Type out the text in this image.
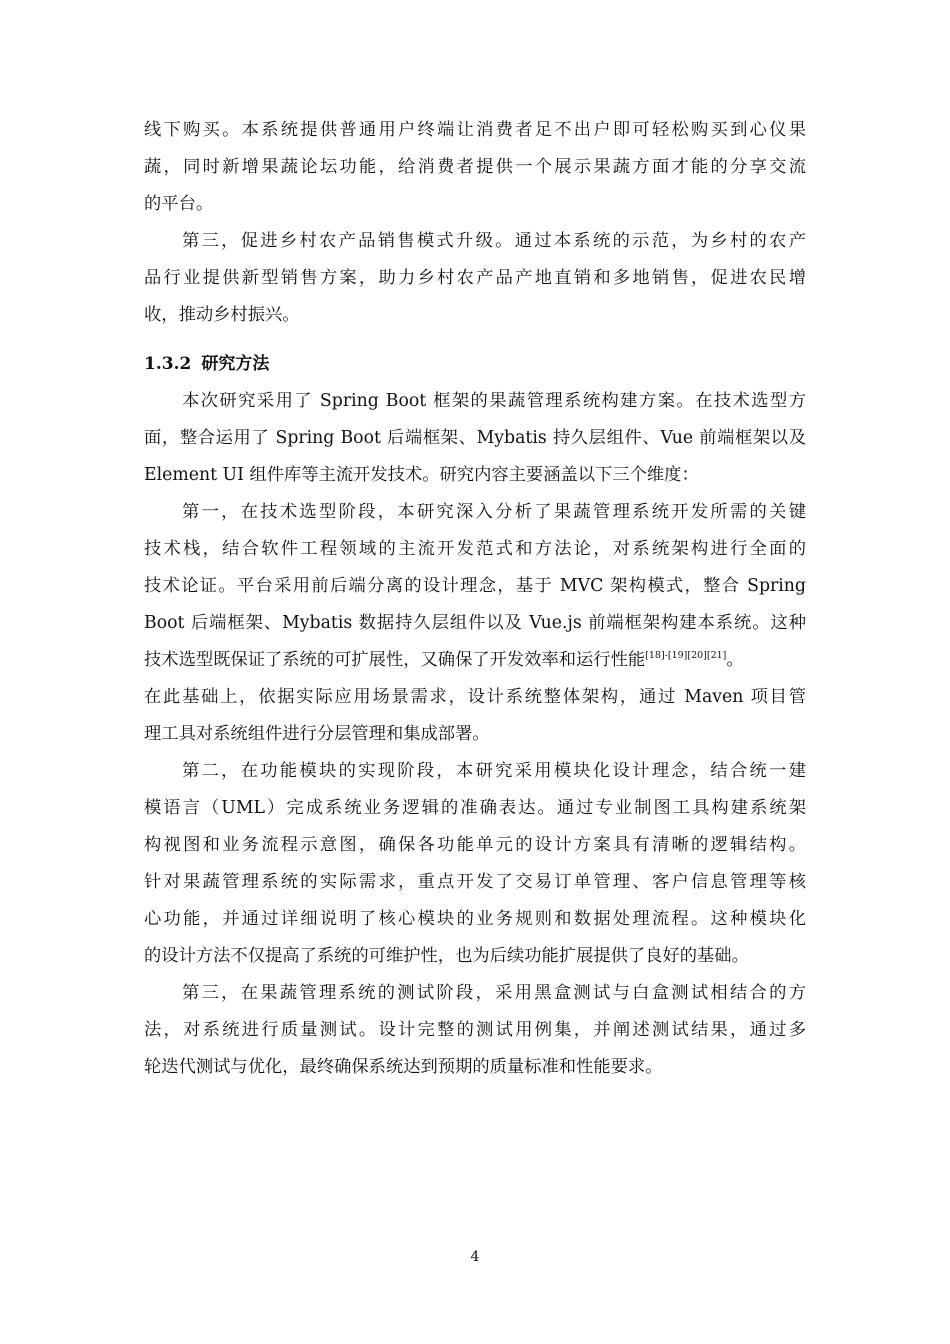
线下购买。本系统提供普通用户终端让消费者足不出户即可轻松购买到心仪果
蔬，同时新增果蔬论坛功能，给消费者提供一个展示果蔬方面才能的分享交流
的平台。
第三，促进乡村农产品销售模式升级。通过本系统的示范，为乡村的农产
品行业提供新型销售方案，助力乡村农产品产地直销和多地销售，促进农民增
收，推动乡村振兴。
1.3.2 研究方法
本次研究采用了 Spring Boot 框架的果蔬管理系统构建方案。在技术选型方
面，整合运用了 Spring Boot 后端框架、Mybatis 持久层组件、Vue 前端框架以及
Element UI 组件库等主流开发技术。研究内容主要涵盖以下三个维度：
第一，在技术选型阶段，本研究深入分析了果蔬管理系统开发所需的关键
技术栈，结合软件工程领域的主流开发范式和方法论，对系统架构进行全面的
技术论证。平台采用前后端分离的设计理念，基于 MVC 架构模式，整合 Spring
Boot 后端框架、Mybatis 数据持久层组件以及 Vue.js 前端框架构建本系统。这种
技术选型既保证了系统的可扩展性，又确保了开发效率和运行性能[18]-[19][20][21]。
在此基础上，依据实际应用场景需求，设计系统整体架构，通过 Maven 项目管
理工具对系统组件进行分层管理和集成部署。
第二，在功能模块的实现阶段，本研究采用模块化设计理念，结合统一建
模语言（UML）完成系统业务逻辑的准确表达。通过专业制图工具构建系统架
构视图和业务流程示意图，确保各功能单元的设计方案具有清晰的逻辑结构。
针对果蔬管理系统的实际需求，重点开发了交易订单管理、客户信息管理等核
心功能，并通过详细说明了核心模块的业务规则和数据处理流程。这种模块化
的设计方法不仅提高了系统的可维护性，也为后续功能扩展提供了良好的基础。
第三，在果蔬管理系统的测试阶段，采用黑盒测试与白盒测试相结合的方
法，对系统进行质量测试。设计完整的测试用例集，并阐述测试结果，通过多
轮迭代测试与优化，最终确保系统达到预期的质量标准和性能要求。
4
